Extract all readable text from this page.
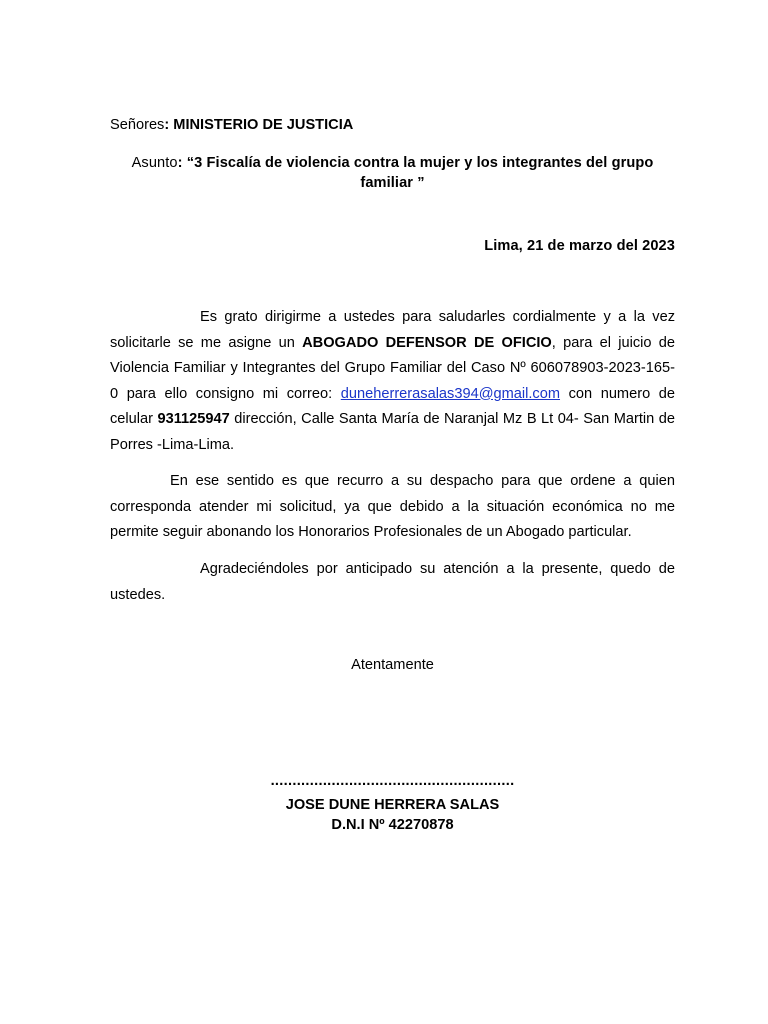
Señores: MINISTERIO DE JUSTICIA
Asunto: “3 Fiscalía de violencia contra la mujer y los integrantes del grupo
familiar ”
Lima, 21 de marzo del 2023
Es grato dirigirme a ustedes para saludarles cordialmente y a la vez solicitarle se me asigne un ABOGADO DEFENSOR DE OFICIO, para el juicio de Violencia Familiar y Integrantes del Grupo Familiar del Caso Nº 606078903-2023-165-0 para ello consigno mi correo: duneherrerasalas394@gmail.com con numero de celular 931125947 dirección, Calle Santa María de Naranjal Mz B Lt 04- San Martin de Porres -Lima-Lima.
En ese sentido es que recurro a su despacho para que ordene a quien corresponda atender mi solicitud, ya que debido a la situación económica no me permite seguir abonando los Honorarios Profesionales de un Abogado particular.
Agradeciéndoles por anticipado su atención a la presente, quedo de ustedes.
Atentamente
........................................................
JOSE DUNE HERRERA SALAS
D.N.I Nº 42270878
